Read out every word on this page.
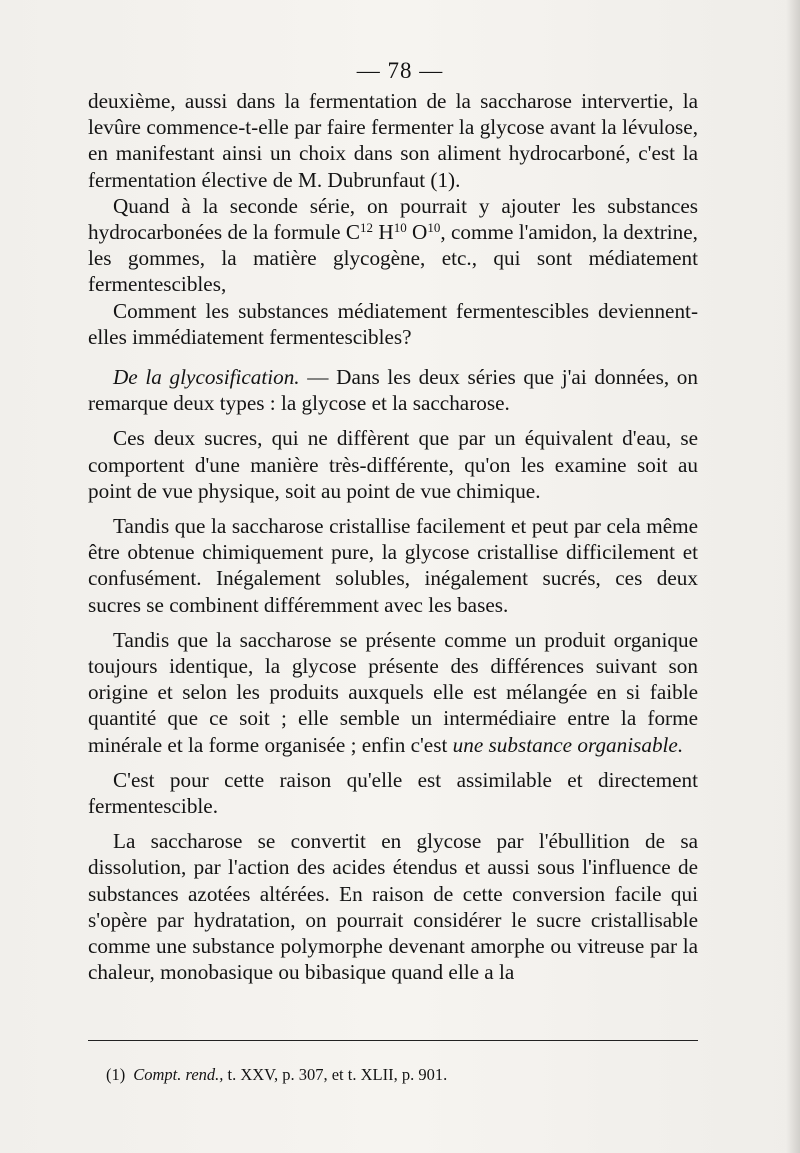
— 78 —

deuxième, aussi dans la fermentation de la saccharose intervertie, la levûre commence-t-elle par faire fermenter la glycose avant la lévulose, en manifestant ainsi un choix dans son aliment hydrocarboné, c'est la fermentation élective de M. Dubrunfaut (1).

Quand à la seconde série, on pourrait y ajouter les substances hydrocarbonées de la formule $C^{12}$ $H^{10}$ $O^{10}$, comme l'amidon, la dextrine, les gommes, la matière glycogène, etc., qui sont médiatement fermentescibles,

Comment les substances médiatement fermentescibles deviennent-elles immédiatement fermentescibles?

De la glycosification. — Dans les deux séries que j'ai données, on remarque deux types : la glycose et la saccharose.

Ces deux sucres, qui ne diffèrent que par un équivalent d'eau, se comportent d'une manière très-différente, qu'on les examine soit au point de vue physique, soit au point de vue chimique.

Tandis que la saccharose cristallise facilement et peut par cela même être obtenue chimiquement pure, la glycose cristallise difficilement et confusément. Inégalement solubles, inégalement sucrés, ces deux sucres se combinent différemment avec les bases.

Tandis que la saccharose se présente comme un produit organique toujours identique, la glycose présente des différences suivant son origine et selon les produits auxquels elle est mélangée en si faible quantité que ce soit ; elle semble un intermédiaire entre la forme minérale et la forme organisée ; enfin c'est une substance organisable.

C'est pour cette raison qu'elle est assimilable et directement fermentescible.

La saccharose se convertit en glycose par l'ébullition de sa dissolution, par l'action des acides étendus et aussi sous l'influence de substances azotées altérées. En raison de cette conversion facile qui s'opère par hydratation, on pourrait considérer le sucre cristallisable comme une substance polymorphe devenant amorphe ou vitreuse par la chaleur, monobasique ou bibasique quand elle a la

(1) Compt. rend., t. XXV, p. 307, et t. XLII, p. 901.
